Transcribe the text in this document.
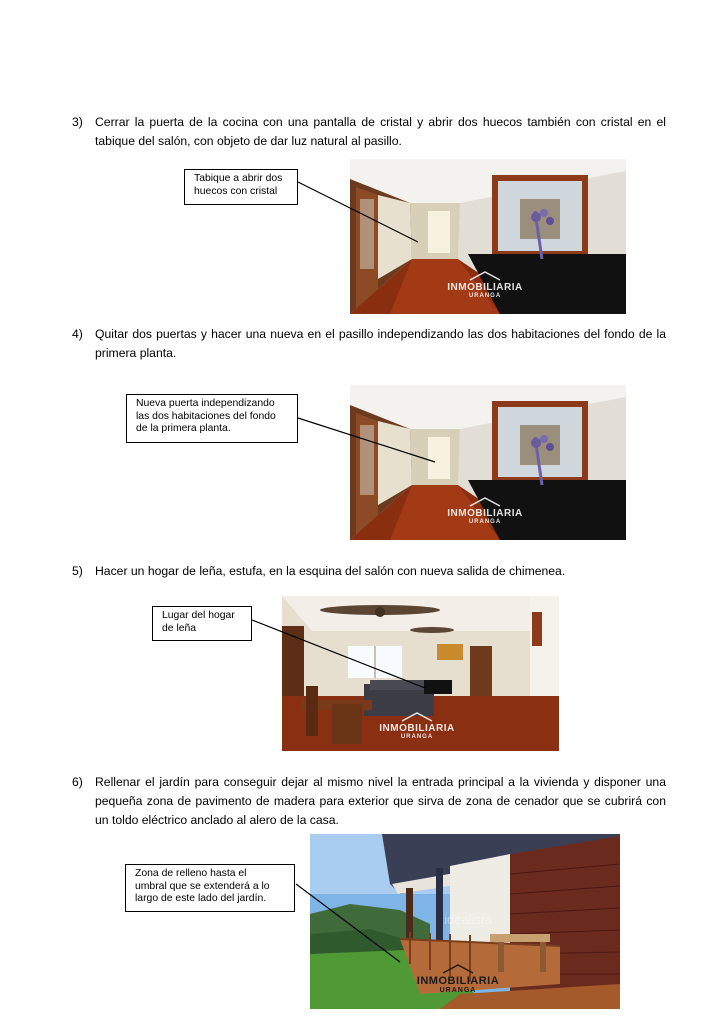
3) Cerrar la puerta de la cocina con una pantalla de cristal y abrir dos huecos también con cristal en el tabique del salón, con objeto de dar luz natural al pasillo.
INMOBILIARIA
URANGA
Tabique a abrir dos
huecos con cristal
4) Quitar dos puertas y hacer una nueva en el pasillo independizando las dos habitaciones del fondo de la primera planta.
INMOBILIARIA
URANGA
Nueva puerta independizando
las dos habitaciones del fondo
de la primera planta.
5) Hacer un hogar de leña, estufa, en la esquina del salón con nueva salida de chimenea.
INMOBILIARIA
URANGA
Lugar del hogar
de leña
6) Rellenar el jardín para conseguir dejar al mismo nivel la entrada principal a la vivienda y disponer una pequeña zona de pavimento de madera para exterior que sirva de zona de cenador que se cubrirá con un toldo eléctrico anclado al alero de la casa.
INMOBILIARIA
URANGA
idealista
Zona de relleno hasta el
umbral que se extenderá a lo
largo de este lado del jardín.
